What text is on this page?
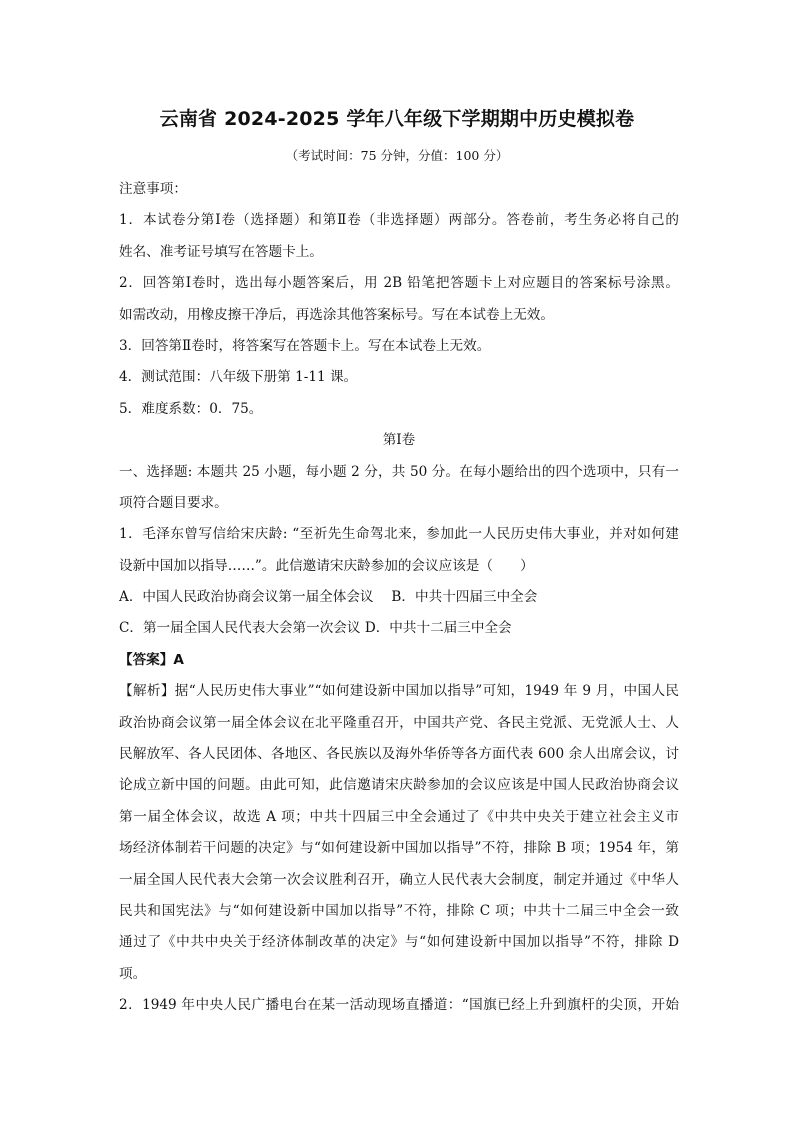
云南省 2024-2025 学年八年级下学期期中历史模拟卷
（考试时间：75 分钟，分值：100 分）
注意事项：
1．本试卷分第Ⅰ卷（选择题）和第Ⅱ卷（非选择题）两部分。答卷前，考生务必将自己的
姓名、准考证号填写在答题卡上。
2．回答第Ⅰ卷时，选出每小题答案后，用 2B 铅笔把答题卡上对应题目的答案标号涂黑。
如需改动，用橡皮擦干净后，再选涂其他答案标号。写在本试卷上无效。
3．回答第Ⅱ卷时，将答案写在答题卡上。写在本试卷上无效。
4．测试范围：八年级下册第 1-11 课。
5．难度系数：0．75。
第Ⅰ卷
一、选择题: 本题共 25 小题，每小题 2 分，共 50 分。在每小题给出的四个选项中，只有一
项符合题目要求。
1．毛泽东曾写信给宋庆龄: “至祈先生命驾北来，参加此一人民历史伟大事业，并对如何建
设新中国加以指导……”。此信邀请宋庆龄参加的会议应该是（　　）
A．中国人民政治协商会议第一届全体会议　 B．中共十四届三中全会
C．第一届全国人民代表大会第一次会议 D．中共十二届三中全会
【答案】A
【解析】据“人民历史伟大事业”“如何建设新中国加以指导”可知，1949 年 9 月，中国人民
政治协商会议第一届全体会议在北平隆重召开，中国共产党、各民主党派、无党派人士、人
民解放军、各人民团体、各地区、各民族以及海外华侨等各方面代表 600 余人出席会议，讨
论成立新中国的问题。由此可知，此信邀请宋庆龄参加的会议应该是中国人民政治协商会议
第一届全体会议，故选 A 项；中共十四届三中全会通过了《中共中央关于建立社会主义市
场经济体制若干问题的决定》与“如何建设新中国加以指导”不符，排除 B 项；1954 年，第
一届全国人民代表大会第一次会议胜利召开，确立人民代表大会制度，制定并通过《中华人
民共和国宪法》与“如何建设新中国加以指导”不符，排除 C 项；中共十二届三中全会一致
通过了《中共中央关于经济体制改革的决定》与“如何建设新中国加以指导”不符，排除 D
项。
2．1949 年中央人民广播电台在某一活动现场直播道：“国旗已经上升到旗杆的尖顶，开始
